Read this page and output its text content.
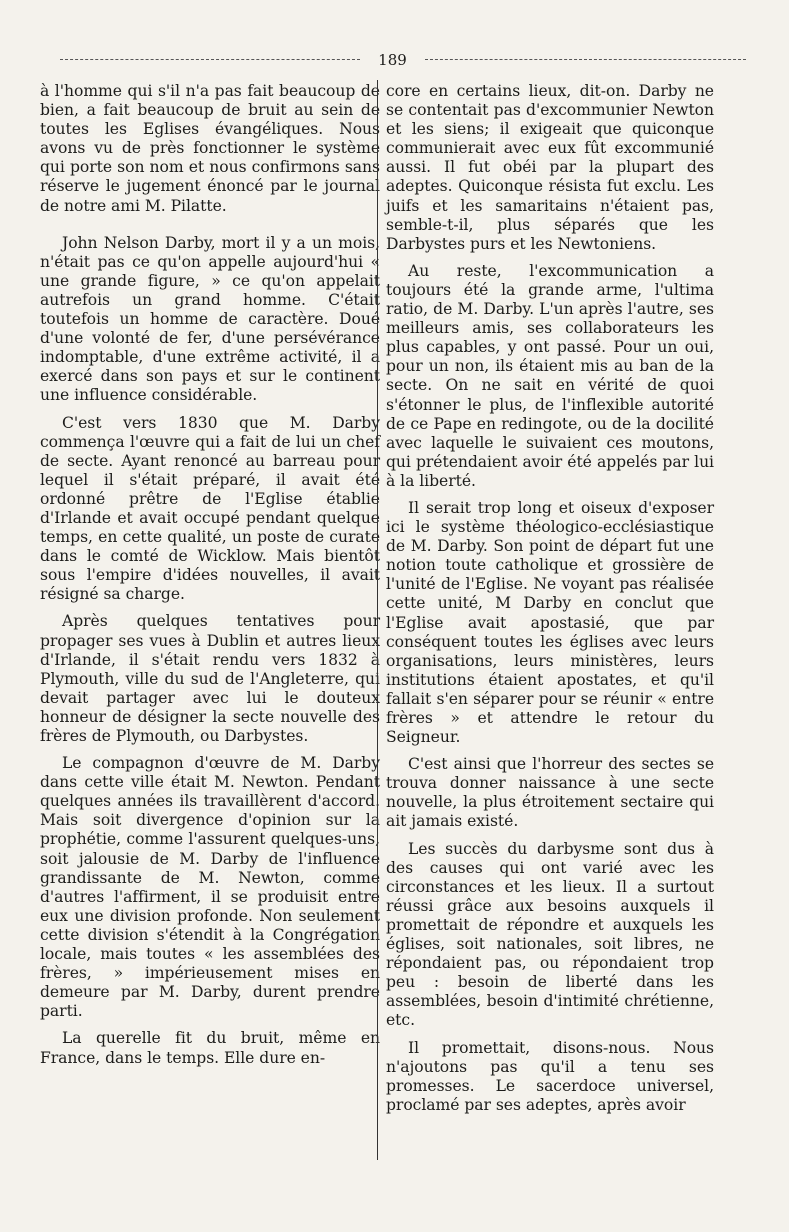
189

à l'homme qui s'il n'a pas fait beaucoup de bien, a fait beaucoup de bruit au sein de toutes les Eglises évangéliques. Nous avons vu de près fonctionner le système qui porte son nom et nous confirmons sans réserve le jugement énoncé par le journal de notre ami M. Pilatte.

John Nelson Darby, mort il y a un mois, n'était pas ce qu'on appelle aujourd'hui « une grande figure, » ce qu'on appelait autrefois un grand homme. C'était toutefois un homme de caractère. Doué d'une volonté de fer, d'une persévérance indomptable, d'une extrême activité, il a exercé dans son pays et sur le continent une influence considérable.

C'est vers 1830 que M. Darby commença l'œuvre qui a fait de lui un chef de secte. Ayant renoncé au barreau pour lequel il s'était préparé, il avait été ordonné prêtre de l'Eglise établie d'Irlande et avait occupé pendant quelque temps, en cette qualité, un poste de curate dans le comté de Wicklow. Mais bientôt sous l'empire d'idées nouvelles, il avait résigné sa charge.

Après quelques tentatives pour propager ses vues à Dublin et autres lieux d'Irlande, il s'était rendu vers 1832 à Plymouth, ville du sud de l'Angleterre, qui devait partager avec lui le douteux honneur de désigner la secte nouvelle des frères de Plymouth, ou Darbystes.

Le compagnon d'œuvre de M. Darby dans cette ville était M. Newton. Pendant quelques années ils travaillèrent d'accord. Mais soit divergence d'opinion sur la prophétie, comme l'assurent quelques-uns, soit jalousie de M. Darby de l'influence grandissante de M. Newton, comme d'autres l'affirment, il se produisit entre eux une division profonde. Non seulement cette division s'étendit à la Congrégation locale, mais toutes « les assemblées des frères, » impérieusement mises en demeure par M. Darby, durent prendre parti.

La querelle fit du bruit, même en France, dans le temps. Elle dure en-

core en certains lieux, dit-on. Darby ne se contentait pas d'excommunier Newton et les siens; il exigeait que quiconque communierait avec eux fût excommunié aussi. Il fut obéi par la plupart des adeptes. Quiconque résista fut exclu. Les juifs et les samaritains n'étaient pas, semble-t-il, plus séparés que les Darbystes purs et les Newtoniens.

Au reste, l'excommunication a toujours été la grande arme, l'ultima ratio, de M. Darby. L'un après l'autre, ses meilleurs amis, ses collaborateurs les plus capables, y ont passé. Pour un oui, pour un non, ils étaient mis au ban de la secte. On ne sait en vérité de quoi s'étonner le plus, de l'inflexible autorité de ce Pape en redingote, ou de la docilité avec laquelle le suivaient ces moutons, qui prétendaient avoir été appelés par lui à la liberté.

Il serait trop long et oiseux d'exposer ici le système théologico-ecclésiastique de M. Darby. Son point de départ fut une notion toute catholique et grossière de l'unité de l'Eglise. Ne voyant pas réalisée cette unité, M Darby en conclut que l'Eglise avait apostasié, que par conséquent toutes les églises avec leurs organisations, leurs ministères, leurs institutions étaient apostates, et qu'il fallait s'en séparer pour se réunir « entre frères » et attendre le retour du Seigneur.

C'est ainsi que l'horreur des sectes se trouva donner naissance à une secte nouvelle, la plus étroitement sectaire qui ait jamais existé.

Les succès du darbysme sont dus à des causes qui ont varié avec les circonstances et les lieux. Il a surtout réussi grâce aux besoins auxquels il promettait de répondre et auxquels les églises, soit nationales, soit libres, ne répondaient pas, ou répondaient trop peu : besoin de liberté dans les assemblées, besoin d'intimité chrétienne, etc.

Il promettait, disons-nous. Nous n'ajoutons pas qu'il a tenu ses promesses. Le sacerdoce universel, proclamé par ses adeptes, après avoir
